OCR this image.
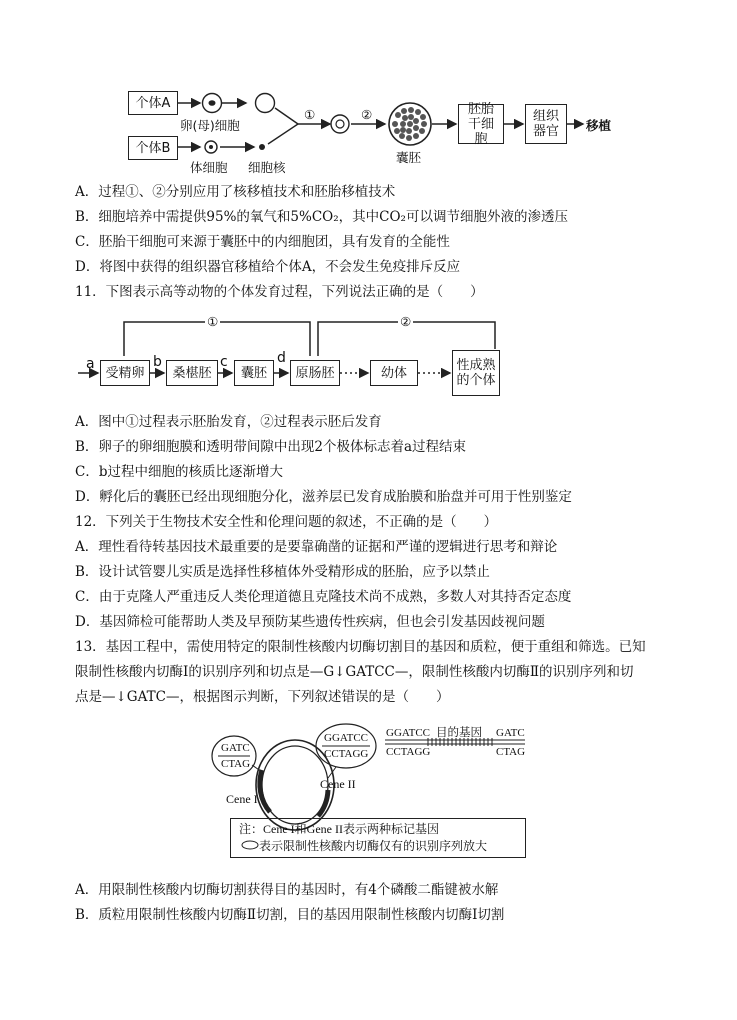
个体A
个体B
卵(母)细胞
体细胞 细胞核
①	②
囊胚
胚胎干细胞
组织器官 移植
A．过程①、②分别应用了核移植技术和胚胎移植技术
B．细胞培养中需提供95%的氧气和5%CO₂，其中CO₂可以调节细胞外液的渗透压
C．胚胎干细胞可来源于囊胚中的内细胞团，具有发育的全能性
D．将图中获得的组织器官移植给个体A，不会发生免疫排斥反应
11．下图表示高等动物的个体发育过程，下列说法正确的是（　　）
①	②
a	b	c	d
受精卵 桑椹胚 囊胚 原肠胚	幼体	性成熟的个体
A．图中①过程表示胚胎发育，②过程表示胚后发育
B．卵子的卵细胞膜和透明带间隙中出现2个极体标志着a过程结束
C．b过程中细胞的核质比逐渐增大
D．孵化后的囊胚已经出现细胞分化，滋养层已发育成胎膜和胎盘并可用于性别鉴定
12．下列关于生物技术安全性和伦理问题的叙述，不正确的是（　　）
A．理性看待转基因技术最重要的是要靠确凿的证据和严谨的逻辑进行思考和辩论
B．设计试管婴儿实质是选择性移植体外受精形成的胚胎，应予以禁止
C．由于克隆人严重违反人类伦理道德且克隆技术尚不成熟，多数人对其持否定态度
D．基因筛检可能帮助人类及早预防某些遗传性疾病，但也会引发基因歧视问题
13．基因工程中，需使用特定的限制性核酸内切酶切割目的基因和质粒，便于重组和筛选。已知
限制性核酸内切酶Ⅰ的识别序列和切点是—G↓GATCC—，限制性核酸内切酶Ⅱ的识别序列和切
点是—↓GATC—，根据图示判断，下列叙述错误的是（　　）
GATC
CTAG
GGATCC
CCTAGG
GGATCC
CCTAGG
目的基因 GATC
CTAG
Cene I
Cene II
注：Cene I和Gene II表示两种标记基因
表示限制性核酸内切酶仅有的识别序列放大
A．用限制性核酸内切酶切割获得目的基因时，有4个磷酸二酯键被水解
B．质粒用限制性核酸内切酶Ⅱ切割，目的基因用限制性核酸内切酶Ⅰ切割
